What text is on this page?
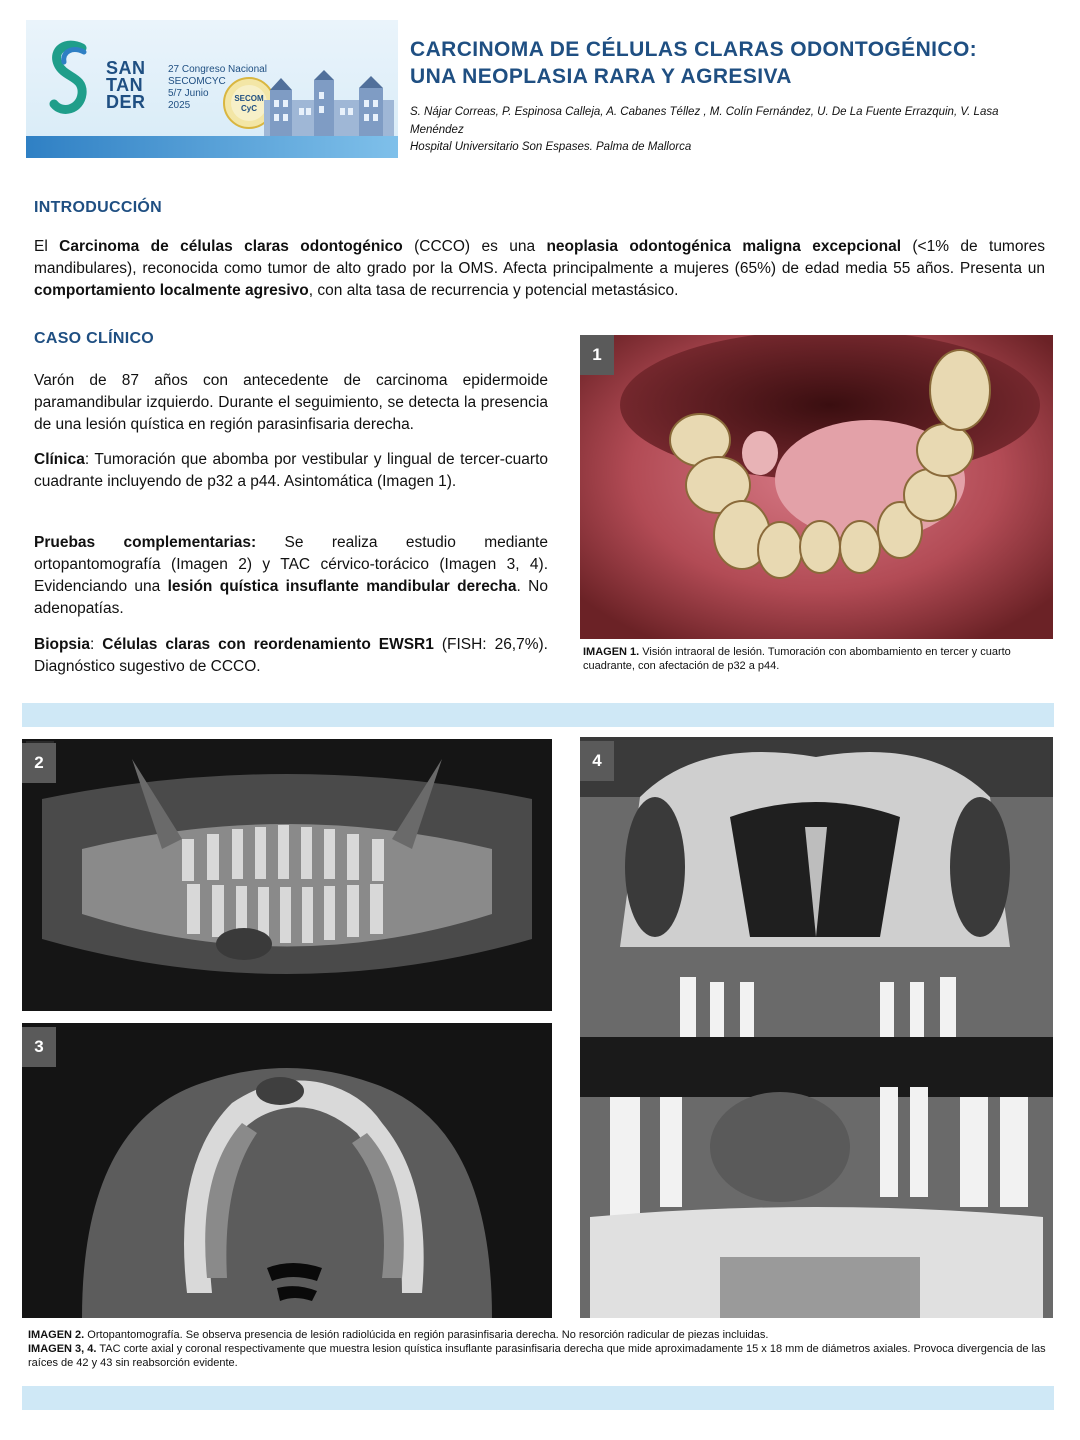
SAN
TAN
DER
27 Congreso Nacional
SECOMCYC
5/7 Junio
2025
SECOM
CyC
CARCINOMA DE CÉLULAS CLARAS ODONTOGÉNICO:
UNA NEOPLASIA RARA Y AGRESIVA
S. Nájar Correas, P. Espinosa Calleja, A. Cabanes Téllez , M. Colín Fernández, U. De La Fuente Errazquin, V. Lasa Menéndez
Hospital Universitario Son Espases. Palma de Mallorca
INTRODUCCIÓN

El Carcinoma de células claras odontogénico (CCCO) es una neoplasia odontogénica maligna excepcional (<1% de tumores mandibulares), reconocida como tumor de alto grado por la OMS. Afecta principalmente a mujeres (65%) de edad media 55 años. Presenta un comportamiento localmente agresivo, con alta tasa de recurrencia y potencial metastásico.

CASO CLÍNICO

Varón de 87 años con antecedente de carcinoma epidermoide paramandibular izquierdo. Durante el seguimiento, se detecta la presencia de una lesión quística en región parasinfisaria derecha.

Clínica: Tumoración que abomba por vestibular y lingual de tercer-cuarto cuadrante incluyendo de p32 a p44. Asintomática (Imagen 1).

Pruebas complementarias: Se realiza estudio mediante ortopantomografía (Imagen 2) y TAC cérvico-torácico (Imagen 3, 4). Evidenciando una lesión quística insuflante mandibular derecha. No adenopatías.

Biopsia: Células claras con reordenamiento EWSR1 (FISH: 26,7%). Diagnóstico sugestivo de CCCO.

1
IMAGEN 1. Visión intraoral de lesión. Tumoración con abombamiento en tercer y cuarto cuadrante, con afectación de p32 a p44.
2
3
4
IMAGEN 2. Ortopantomografía. Se observa presencia de lesión radiolúcida en región parasinfisaria derecha. No resorción radicular de piezas incluidas.
IMAGEN 3, 4. TAC corte axial y coronal respectivamente que muestra lesion quística insuflante parasinfisaria derecha que mide aproximadamente 15 x 18 mm de diámetros axiales. Provoca divergencia de las raíces de 42 y 43 sin reabsorción evidente.
